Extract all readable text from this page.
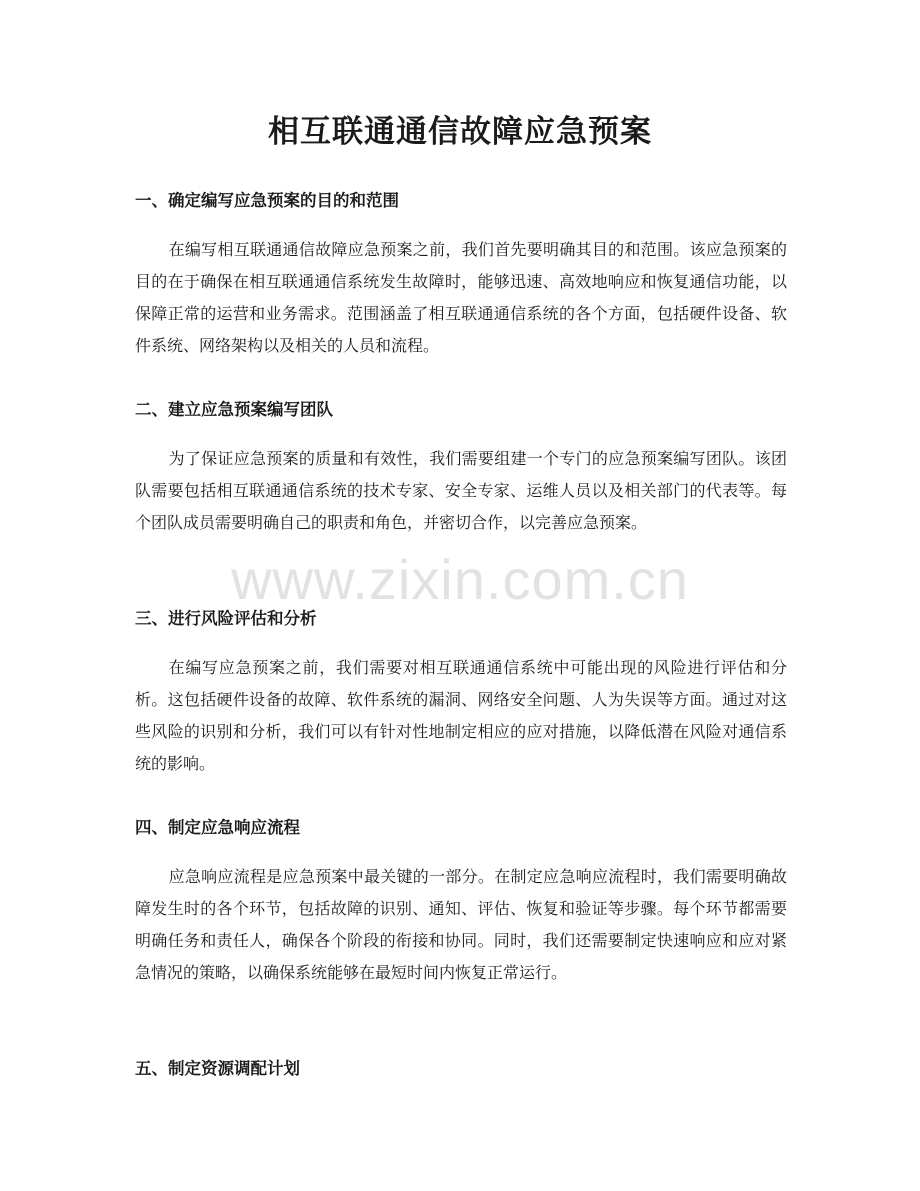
相互联通通信故障应急预案
一、确定编写应急预案的目的和范围

在编写相互联通通信故障应急预案之前，我们首先要明确其目的和范围。该应急预案的目的在于确保在相互联通通信系统发生故障时，能够迅速、高效地响应和恢复通信功能，以保障正常的运营和业务需求。范围涵盖了相互联通通信系统的各个方面，包括硬件设备、软件系统、网络架构以及相关的人员和流程。

二、建立应急预案编写团队

为了保证应急预案的质量和有效性，我们需要组建一个专门的应急预案编写团队。该团队需要包括相互联通通信系统的技术专家、安全专家、运维人员以及相关部门的代表等。每个团队成员需要明确自己的职责和角色，并密切合作，以完善应急预案。

三、进行风险评估和分析

在编写应急预案之前，我们需要对相互联通通信系统中可能出现的风险进行评估和分析。这包括硬件设备的故障、软件系统的漏洞、网络安全问题、人为失误等方面。通过对这些风险的识别和分析，我们可以有针对性地制定相应的应对措施，以降低潜在风险对通信系统的影响。

四、制定应急响应流程

应急响应流程是应急预案中最关键的一部分。在制定应急响应流程时，我们需要明确故障发生时的各个环节，包括故障的识别、通知、评估、恢复和验证等步骤。每个环节都需要明确任务和责任人，确保各个阶段的衔接和协同。同时，我们还需要制定快速响应和应对紧急情况的策略，以确保系统能够在最短时间内恢复正常运行。

五、制定资源调配计划
www.zixin.com.cn
